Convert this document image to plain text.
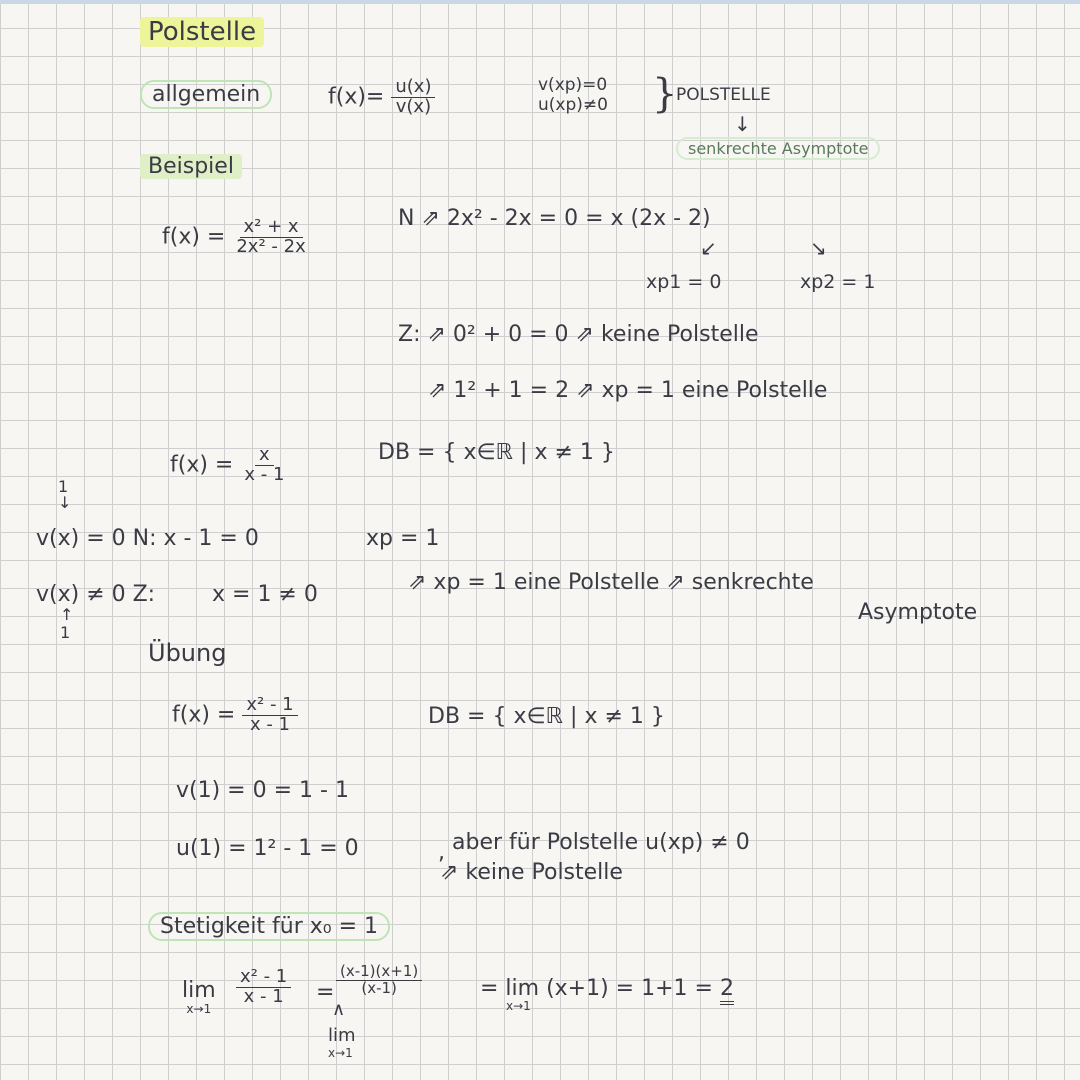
Polstelle
allgemein	$f(x)= \frac{u(x)}{v(x)}$	v(xp)=0
u(xp)≠0 }
POLSTELLE
↓
senkrechte Asymptote
Beispiel
$f(x) = \frac{\text{x² + x}}{\text{2x² - 2x}}$	N ⇗ 2x² - 2x = 0 = x (2x - 2)
↙	↘
xp1 = 0	xp2 = 1
Z: ⇗ 0² + 0 = 0 ⇗ keine Polstelle
⇗ 1² + 1 = 2 ⇗ xp = 1 eine Polstelle
$f(x) = \frac{x}{x - 1}$	DB = { x∈ℝ | x ≠ 1 }
1
↓
v(x) = 0 N: x - 1 = 0	xp = 1
v(x) ≠ 0 Z:	x = 1 ≠ 0
↑
1
⇗ xp = 1 eine Polstelle ⇗ senkrechte
Asymptote
Übung
$f(x) = \frac{\text{x² - 1}}{x - 1}$	DB = { x∈ℝ | x ≠ 1 }
v(1) = 0 = 1 - 1
u(1) = 1² - 1 = 0	, aber für Polstelle u(xp) ≠ 0
⇗ keine Polstelle
Stetigkeit für x₀ = 1
lim
x→1
$\frac{\text{x² - 1}}{x - 1} = \frac{(x-1)(x+1)}{(x-1)}$
∧
lim
x→1
= lim (x+1) = 1+1 = 2
x→1
